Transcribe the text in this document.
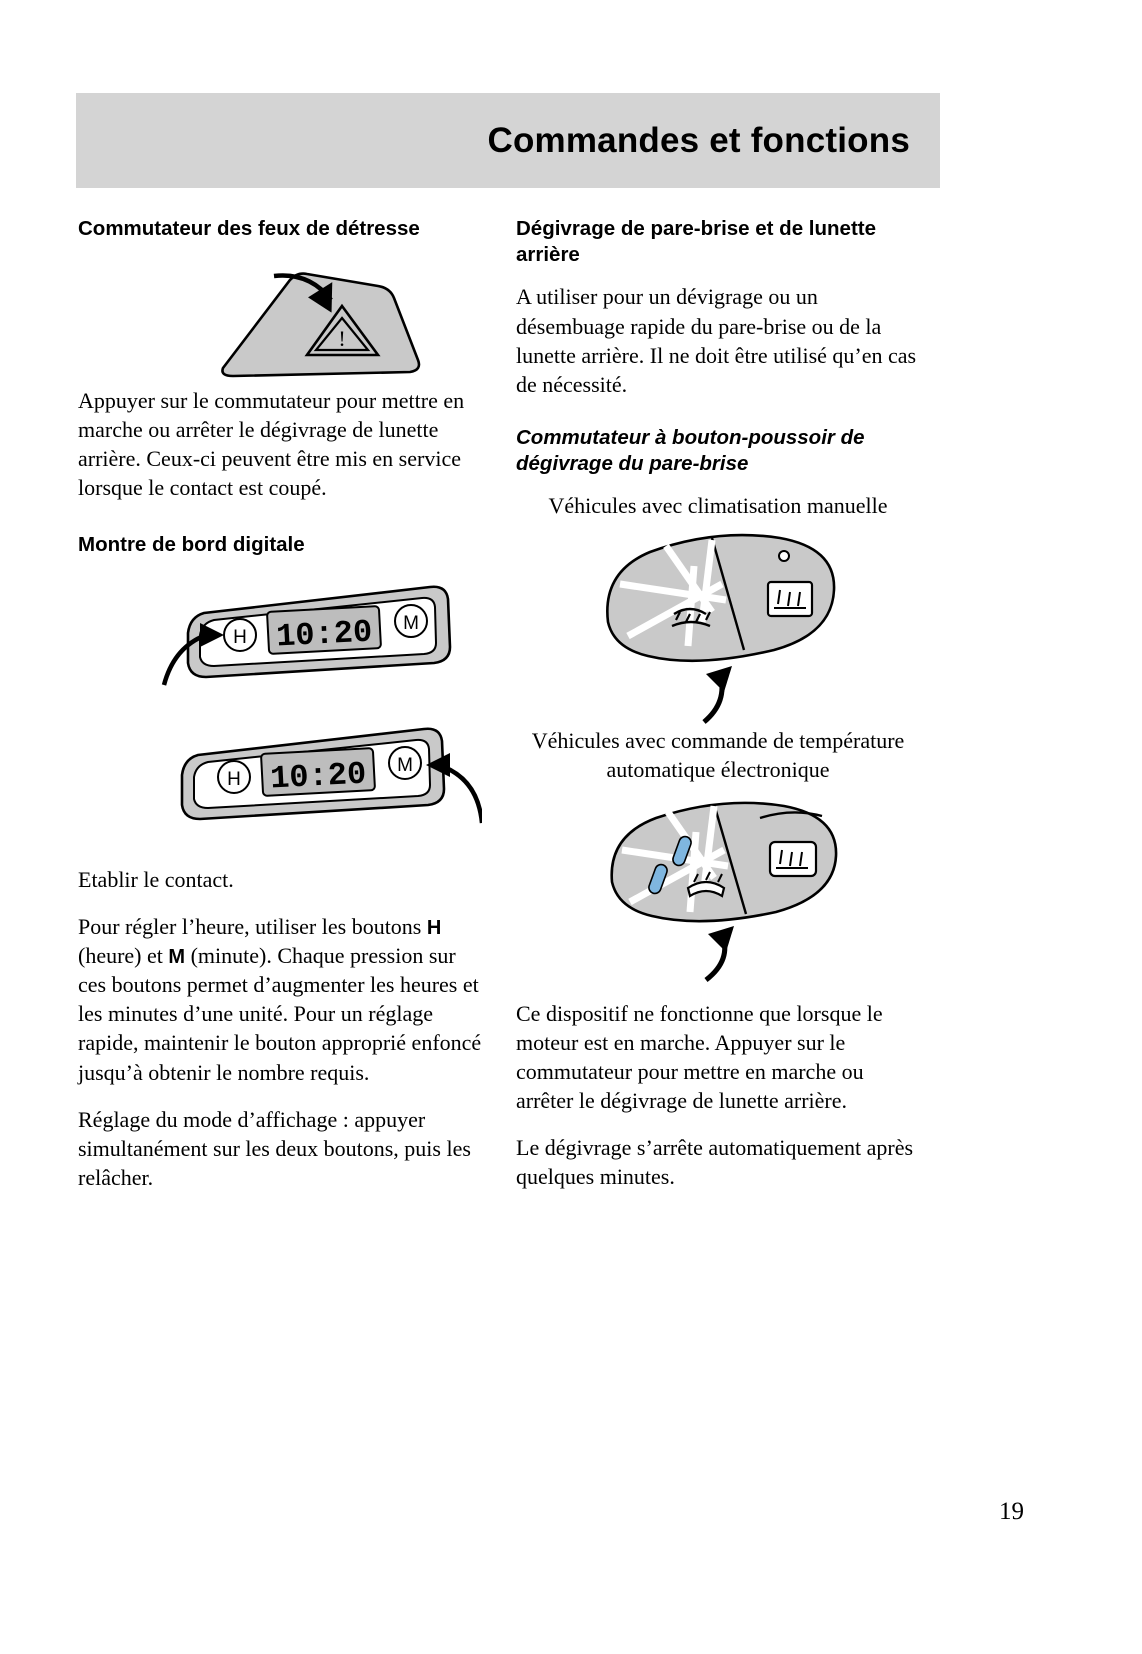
Commandes et fonctions
Commutateur des feux de détresse
!

Appuyer sur le commutateur pour mettre en marche ou arrêter le dégivrage de lunette arrière. Ceux-ci peuvent être mis en service lorsque le contact est coupé.

Montre de bord digitale
10:20
H
M
10:20
H
M

Etablir le contact.

Pour régler l’heure, utiliser les boutons H (heure) et M (minute). Chaque pression sur ces boutons permet d’augmenter les heures et les minutes d’une unité. Pour un réglage rapide, maintenir le bouton approprié enfoncé jusqu’à obtenir le nombre requis.

Réglage du mode d’affichage : appuyer simultanément sur les deux boutons, puis les relâcher.

Dégivrage de pare-brise et de lunette arrière

A utiliser pour un dévigrage ou un désembuage rapide du pare-brise ou de la lunette arrière. Il ne doit être utilisé qu’en cas de nécessité.

Commutateur à bouton-poussoir de dégivrage du pare-brise

Véhicules avec climatisation manuelle

Véhicules avec commande de température automatique électronique

Ce dispositif ne fonctionne que lorsque le moteur est en marche. Appuyer sur le commutateur pour mettre en marche ou arrêter le dégivrage de lunette arrière.

Le dégivrage s’arrête automatiquement après quelques minutes.

19
